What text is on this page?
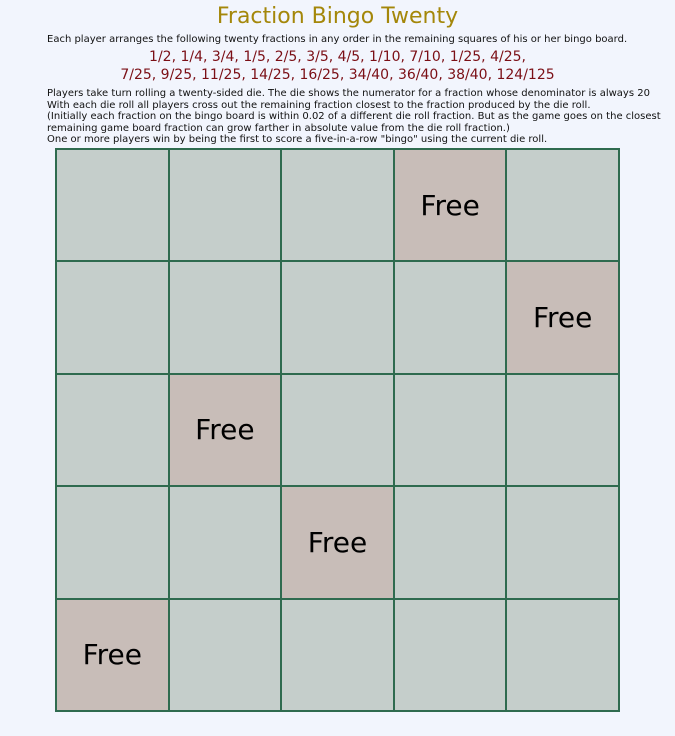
Fraction Bingo Twenty
Each player arranges the following twenty fractions in any order in the remaining squares of his or her bingo board.
1/2, 1/4, 3/4, 1/5, 2/5, 3/5, 4/5, 1/10, 7/10, 1/25, 4/25,
7/25, 9/25, 11/25, 14/25, 16/25, 34/40, 36/40, 38/40, 124/125
Players take turn rolling a twenty-sided die. The die shows the numerator for a fraction whose denominator is always 20
With each die roll all players cross out the remaining fraction closest to the fraction produced by the die roll.
(Initially each fraction on the bingo board is within 0.02 of a different die roll fraction. But as the game goes on the closest
remaining game board fraction can grow farther in absolute value from the die roll fraction.)
One or more players win by being the first to score a five-in-a-row "bingo" using the current die roll.
Free
Free
Free
Free
Free
